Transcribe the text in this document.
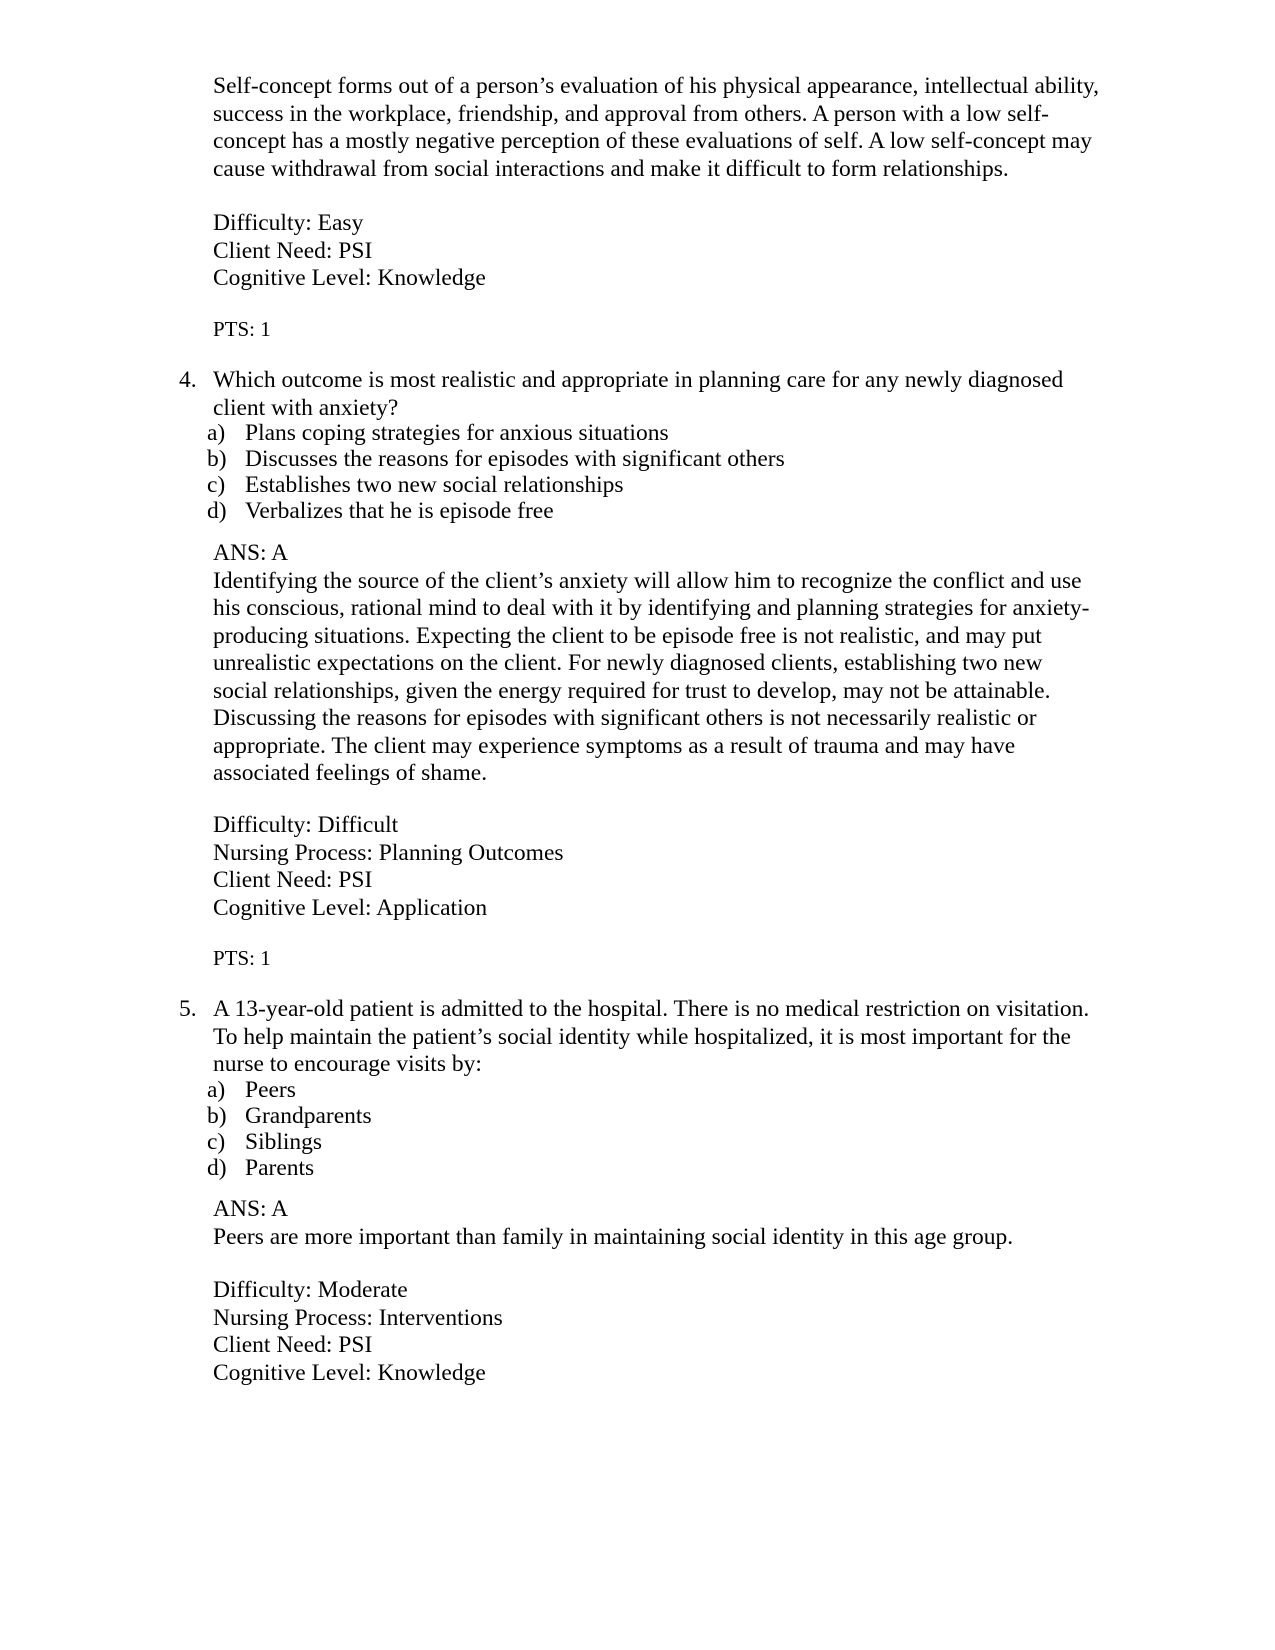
Self-concept forms out of a person’s evaluation of his physical appearance, intellectual ability,
success in the workplace, friendship, and approval from others. A person with a low self-
concept has a mostly negative perception of these evaluations of self. A low self-concept may
cause withdrawal from social interactions and make it difficult to form relationships.
Difficulty: Easy
Client Need: PSI
Cognitive Level: Knowledge
PTS: 1
4. Which outcome is most realistic and appropriate in planning care for any newly diagnosed
client with anxiety?
a) Plans coping strategies for anxious situations
b) Discusses the reasons for episodes with significant others
c) Establishes two new social relationships
d) Verbalizes that he is episode free
ANS: A
Identifying the source of the client’s anxiety will allow him to recognize the conflict and use
his conscious, rational mind to deal with it by identifying and planning strategies for anxiety-
producing situations. Expecting the client to be episode free is not realistic, and may put
unrealistic expectations on the client. For newly diagnosed clients, establishing two new
social relationships, given the energy required for trust to develop, may not be attainable.
Discussing the reasons for episodes with significant others is not necessarily realistic or
appropriate. The client may experience symptoms as a result of trauma and may have
associated feelings of shame.
Difficulty: Difficult
Nursing Process: Planning Outcomes
Client Need: PSI
Cognitive Level: Application
PTS: 1
5. A 13-year-old patient is admitted to the hospital. There is no medical restriction on visitation.
To help maintain the patient’s social identity while hospitalized, it is most important for the
nurse to encourage visits by:
a) Peers
b) Grandparents
c) Siblings
d) Parents
ANS: A
Peers are more important than family in maintaining social identity in this age group.
Difficulty: Moderate
Nursing Process: Interventions
Client Need: PSI
Cognitive Level: Knowledge
